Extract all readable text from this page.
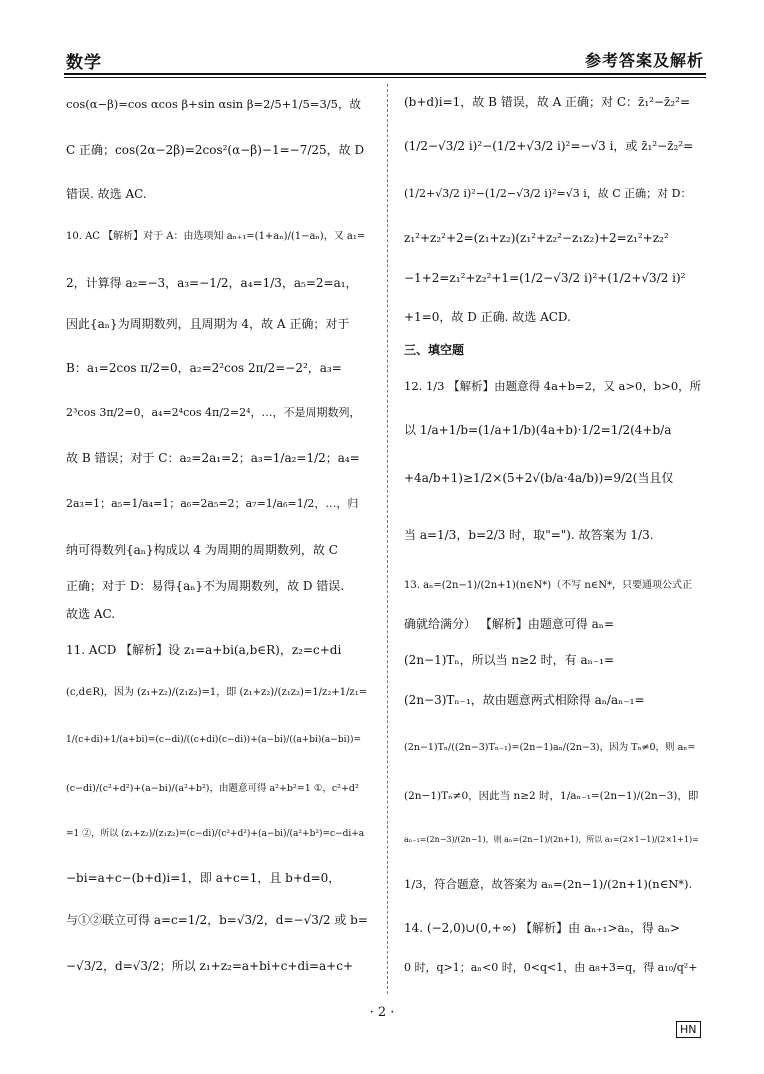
数学	参考答案及解析
cos(α−β)=cos αcos β+sin αsin β=2/5+1/5=3/5，故
C 正确；cos(2α−2β)=2cos²(α−β)−1=−7/25，故 D
错误. 故选 AC.
10. AC 【解析】对于 A：由选项知 aₙ₊₁=(1+aₙ)/(1−aₙ)，又 a₁=
2，计算得 a₂=−3，a₃=−1/2，a₄=1/3，a₅=2=a₁，
因此{aₙ}为周期数列，且周期为 4，故 A 正确；对于
B：a₁=2cos π/2=0，a₂=2²cos 2π/2=−2²，a₃=
2³cos 3π/2=0，a₄=2⁴cos 4π/2=2⁴，…，不是周期数列，
故 B 错误；对于 C：a₂=2a₁=2；a₃=1/a₂=1/2；a₄=
2a₃=1；a₅=1/a₄=1；a₆=2a₅=2；a₇=1/a₆=1/2，…，归
纳可得数列{aₙ}构成以 4 为周期的周期数列，故 C
正确；对于 D：易得{aₙ}不为周期数列，故 D 错误.
故选 AC.
11. ACD 【解析】设 z₁=a+bi(a,b∈R)，z₂=c+di
(c,d∈R)，因为 (z₁+z₂)/(z₁z₂)=1，即 (z₁+z₂)/(z₁z₂)=1/z₂+1/z₁=
1/(c+di)+1/(a+bi)=(c−di)/((c+di)(c−di))+(a−bi)/((a+bi)(a−bi))=
(c−di)/(c²+d²)+(a−bi)/(a²+b²)，由题意可得 a²+b²=1 ①，c²+d²
=1 ②，所以 (z₁+z₂)/(z₁z₂)=(c−di)/(c²+d²)+(a−bi)/(a²+b²)=c−di+a
−bi=a+c−(b+d)i=1，即 a+c=1，且 b+d=0，
与①②联立可得 a=c=1/2，b=√3/2，d=−√3/2 或 b=
−√3/2，d=√3/2；所以 z₁+z₂=a+bi+c+di=a+c+
(b+d)i=1，故 B 错误，故 A 正确；对 C：z̄₁²−z̄₂²=
(1/2−√3/2 i)²−(1/2+√3/2 i)²=−√3 i，或 z̄₁²−z̄₂²=
(1/2+√3/2 i)²−(1/2−√3/2 i)²=√3 i，故 C 正确；对 D：
z₁²+z₂²+2=(z₁+z₂)(z₁²+z₂²−z₁z₂)+2=z₁²+z₂²
−1+2=z₁²+z₂²+1=(1/2−√3/2 i)²+(1/2+√3/2 i)²
+1=0，故 D 正确. 故选 ACD.
三、填空题
12. 1/3 【解析】由题意得 4a+b=2，又 a>0，b>0，所
以 1/a+1/b=(1/a+1/b)(4a+b)·1/2=1/2(4+b/a
+4a/b+1)≥1/2×(5+2√(b/a·4a/b))=9/2(当且仅
当 a=1/3，b=2/3 时，取"="). 故答案为 1/3.
13. aₙ=(2n−1)/(2n+1)(n∈N*)（不写 n∈N*，只要通项公式正
确就给满分） 【解析】由题意可得 aₙ=
(2n−1)Tₙ，所以当 n≥2 时，有 aₙ₋₁=
(2n−3)Tₙ₋₁，故由题意两式相除得 aₙ/aₙ₋₁=
(2n−1)Tₙ/((2n−3)Tₙ₋₁)=(2n−1)aₙ/(2n−3)，因为 Tₙ≠0，则 aₙ=
(2n−1)Tₙ≠0，因此当 n≥2 时，1/aₙ₋₁=(2n−1)/(2n−3)，即
aₙ₋₁=(2n−3)/(2n−1)，则 aₙ=(2n−1)/(2n+1)，所以 a₁=(2×1−1)/(2×1+1)=
1/3，符合题意，故答案为 aₙ=(2n−1)/(2n+1)(n∈N*).
14. (−2,0)∪(0,+∞) 【解析】由 aₙ₊₁>aₙ，得 aₙ>
0 时，q>1；aₙ<0 时，0<q<1，由 a₈+3=q，得 a₁₀/q²+
· 2 ·
HN
